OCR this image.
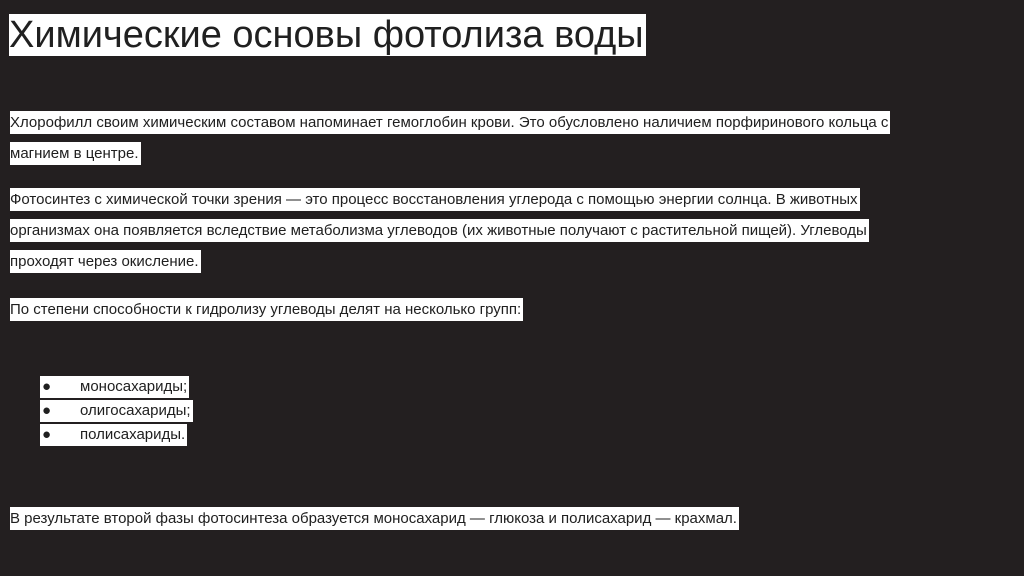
Химические основы фотолиза воды

Хлорофилл своим химическим составом напоминает гемоглобин крови. Это обусловлено наличием порфиринового кольца с магнием в центре.

Фотосинтез с химической точки зрения — это процесс восстановления углерода с помощью энергии солнца. В животных организмах она появляется вследствие метаболизма углеводов (их животные получают с растительной пищей). Углеводы проходят через окисление.

По степени способности к гидролизу углеводы делят на несколько групп:

● моносахариды;
● олигосахариды;
● полисахариды.

В результате второй фазы фотосинтеза образуется моносахарид — глюкоза и полисахарид — крахмал.
